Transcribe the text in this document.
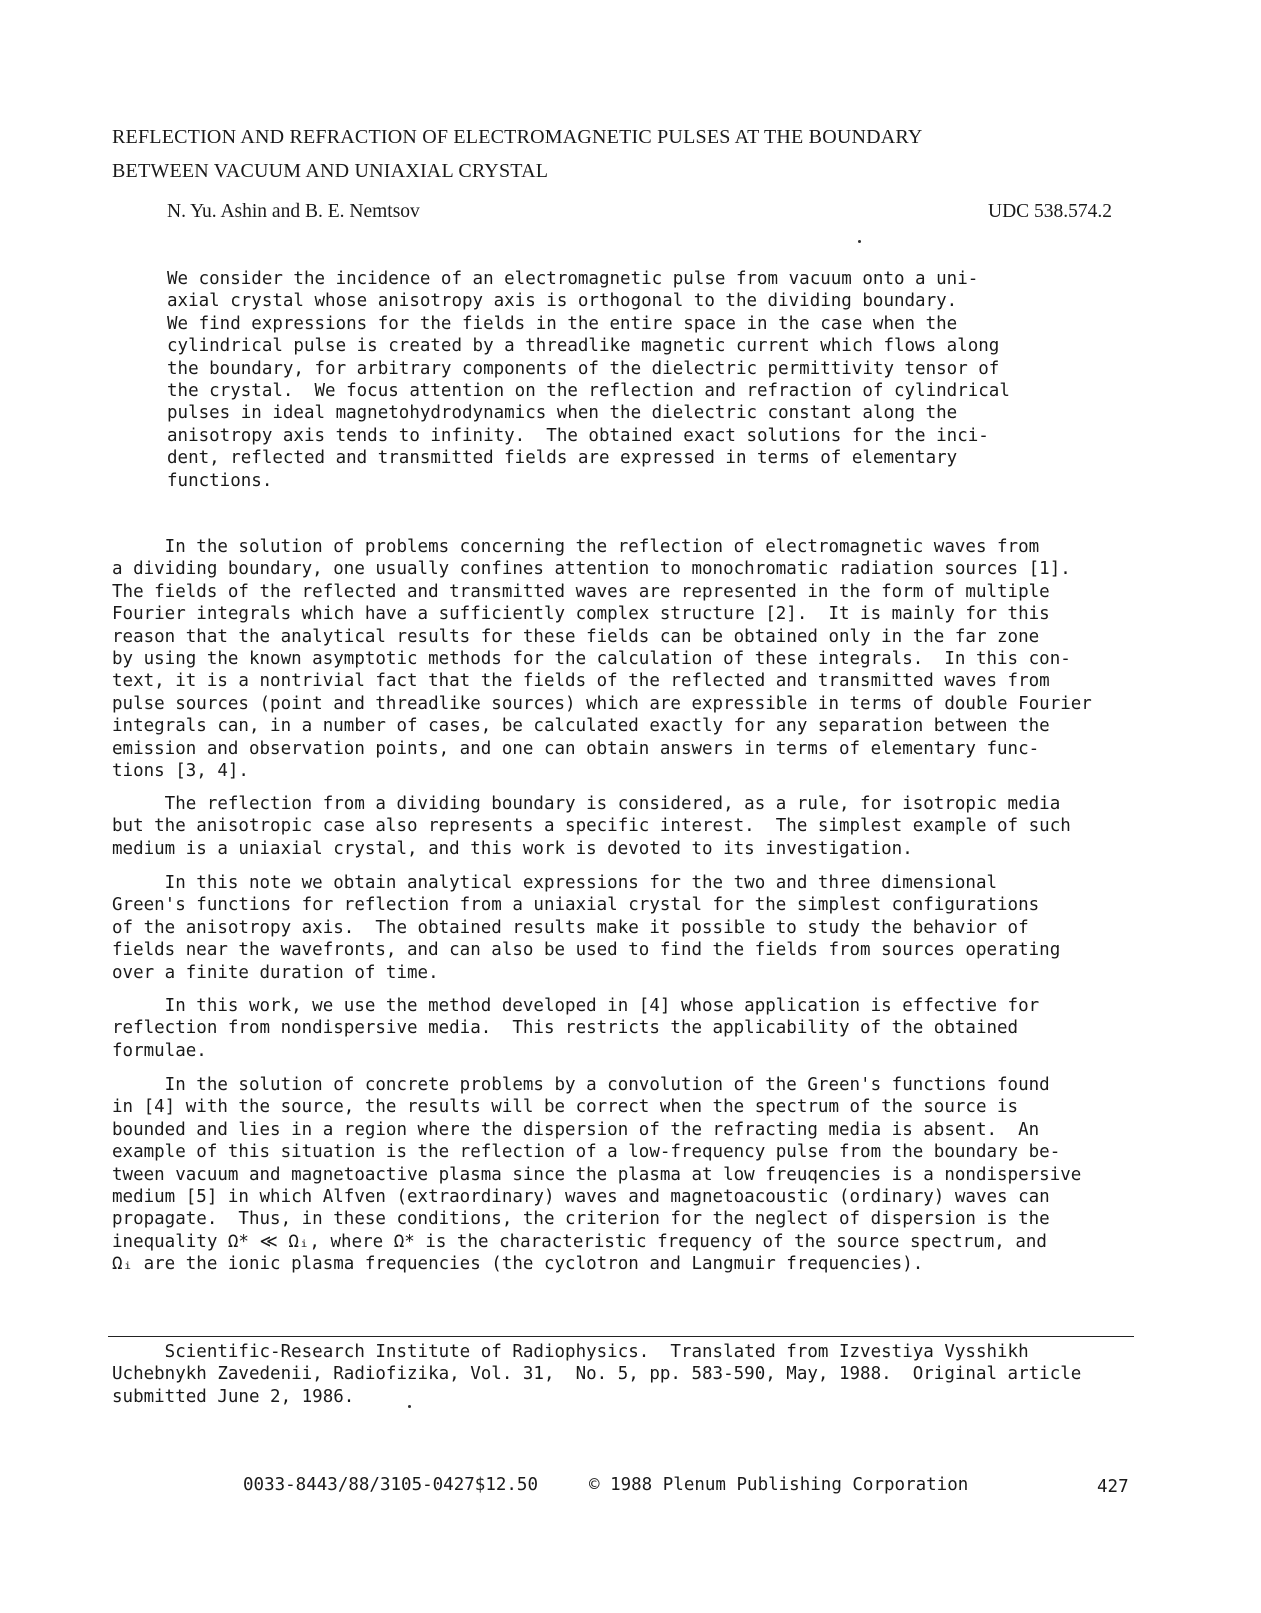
REFLECTION AND REFRACTION OF ELECTROMAGNETIC PULSES AT THE BOUNDARY
BETWEEN VACUUM AND UNIAXIAL CRYSTAL
N. Yu. Ashin and B. E. Nemtsov	UDC 538.574.2
We consider the incidence of an electromagnetic pulse from vacuum onto a uni-
axial crystal whose anisotropy axis is orthogonal to the dividing boundary.
We find expressions for the fields in the entire space in the case when the
cylindrical pulse is created by a threadlike magnetic current which flows along
the boundary, for arbitrary components of the dielectric permittivity tensor of
the crystal.  We focus attention on the reflection and refraction of cylindrical
pulses in ideal magnetohydrodynamics when the dielectric constant along the
anisotropy axis tends to infinity.  The obtained exact solutions for the inci-
dent, reflected and transmitted fields are expressed in terms of elementary
functions.
In the solution of problems concerning the reflection of electromagnetic waves from
a dividing boundary, one usually confines attention to monochromatic radiation sources [1].
The fields of the reflected and transmitted waves are represented in the form of multiple
Fourier integrals which have a sufficiently complex structure [2].  It is mainly for this
reason that the analytical results for these fields can be obtained only in the far zone
by using the known asymptotic methods for the calculation of these integrals.  In this con-
text, it is a nontrivial fact that the fields of the reflected and transmitted waves from
pulse sources (point and threadlike sources) which are expressible in terms of double Fourier
integrals can, in a number of cases, be calculated exactly for any separation between the
emission and observation points, and one can obtain answers in terms of elementary func-
tions [3, 4].
The reflection from a dividing boundary is considered, as a rule, for isotropic media
but the anisotropic case also represents a specific interest.  The simplest example of such
medium is a uniaxial crystal, and this work is devoted to its investigation.
In this note we obtain analytical expressions for the two and three dimensional
Green's functions for reflection from a uniaxial crystal for the simplest configurations
of the anisotropy axis.  The obtained results make it possible to study the behavior of
fields near the wavefronts, and can also be used to find the fields from sources operating
over a finite duration of time.
In this work, we use the method developed in [4] whose application is effective for
reflection from nondispersive media.  This restricts the applicability of the obtained
formulae.
In the solution of concrete problems by a convolution of the Green's functions found
in [4] with the source, the results will be correct when the spectrum of the source is
bounded and lies in a region where the dispersion of the refracting media is absent.  An
example of this situation is the reflection of a low-frequency pulse from the boundary be-
tween vacuum and magnetoactive plasma since the plasma at low freuqencies is a nondispersive
medium [5] in which Alfven (extraordinary) waves and magnetoacoustic (ordinary) waves can
propagate.  Thus, in these conditions, the criterion for the neglect of dispersion is the
inequality Ω* ≪ Ωᵢ, where Ω* is the characteristic frequency of the source spectrum, and
Ωᵢ are the ionic plasma frequencies (the cyclotron and Langmuir frequencies).
Scientific-Research Institute of Radiophysics.  Translated from Izvestiya Vysshikh
Uchebnykh Zavedenii, Radiofizika, Vol. 31,  No. 5, pp. 583-590, May, 1988.  Original article
submitted June 2, 1986.
0033-8443/88/3105-0427$12.50	© 1988 Plenum Publishing Corporation	427
